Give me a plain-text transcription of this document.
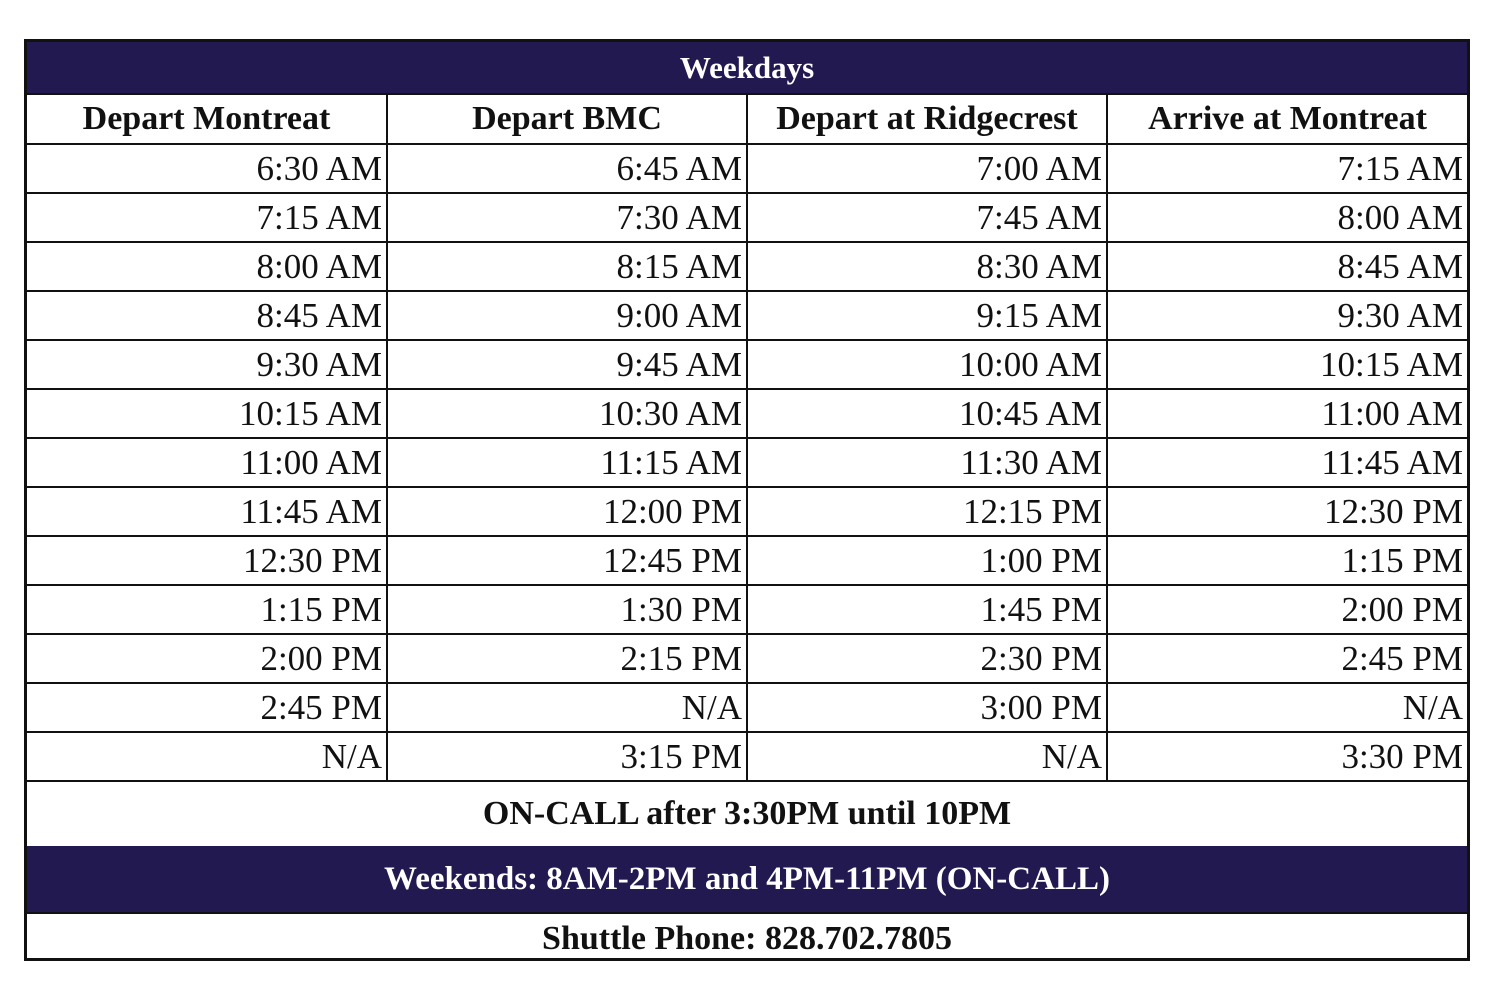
Weekdays			
Depart Montreat	Depart BMC	Depart at Ridgecrest	Arrive at Montreat
6:30 AM	6:45 AM	7:00 AM	7:15 AM
7:15 AM	7:30 AM	7:45 AM	8:00 AM
8:00 AM	8:15 AM	8:30 AM	8:45 AM
8:45 AM	9:00 AM	9:15 AM	9:30 AM
9:30 AM	9:45 AM	10:00 AM	10:15 AM
10:15 AM	10:30 AM	10:45 AM	11:00 AM
11:00 AM	11:15 AM	11:30 AM	11:45 AM
11:45 AM	12:00 PM	12:15 PM	12:30 PM
12:30 PM	12:45 PM	1:00 PM	1:15 PM
1:15 PM	1:30 PM	1:45 PM	2:00 PM
2:00 PM	2:15 PM	2:30 PM	2:45 PM
2:45 PM	N/A	3:00 PM	N/A
N/A	3:15 PM	N/A	3:30 PM
ON-CALL after 3:30PM until 10PM			
Weekends: 8AM-2PM and 4PM-11PM (ON-CALL)			
Shuttle Phone: 828.702.7805			
